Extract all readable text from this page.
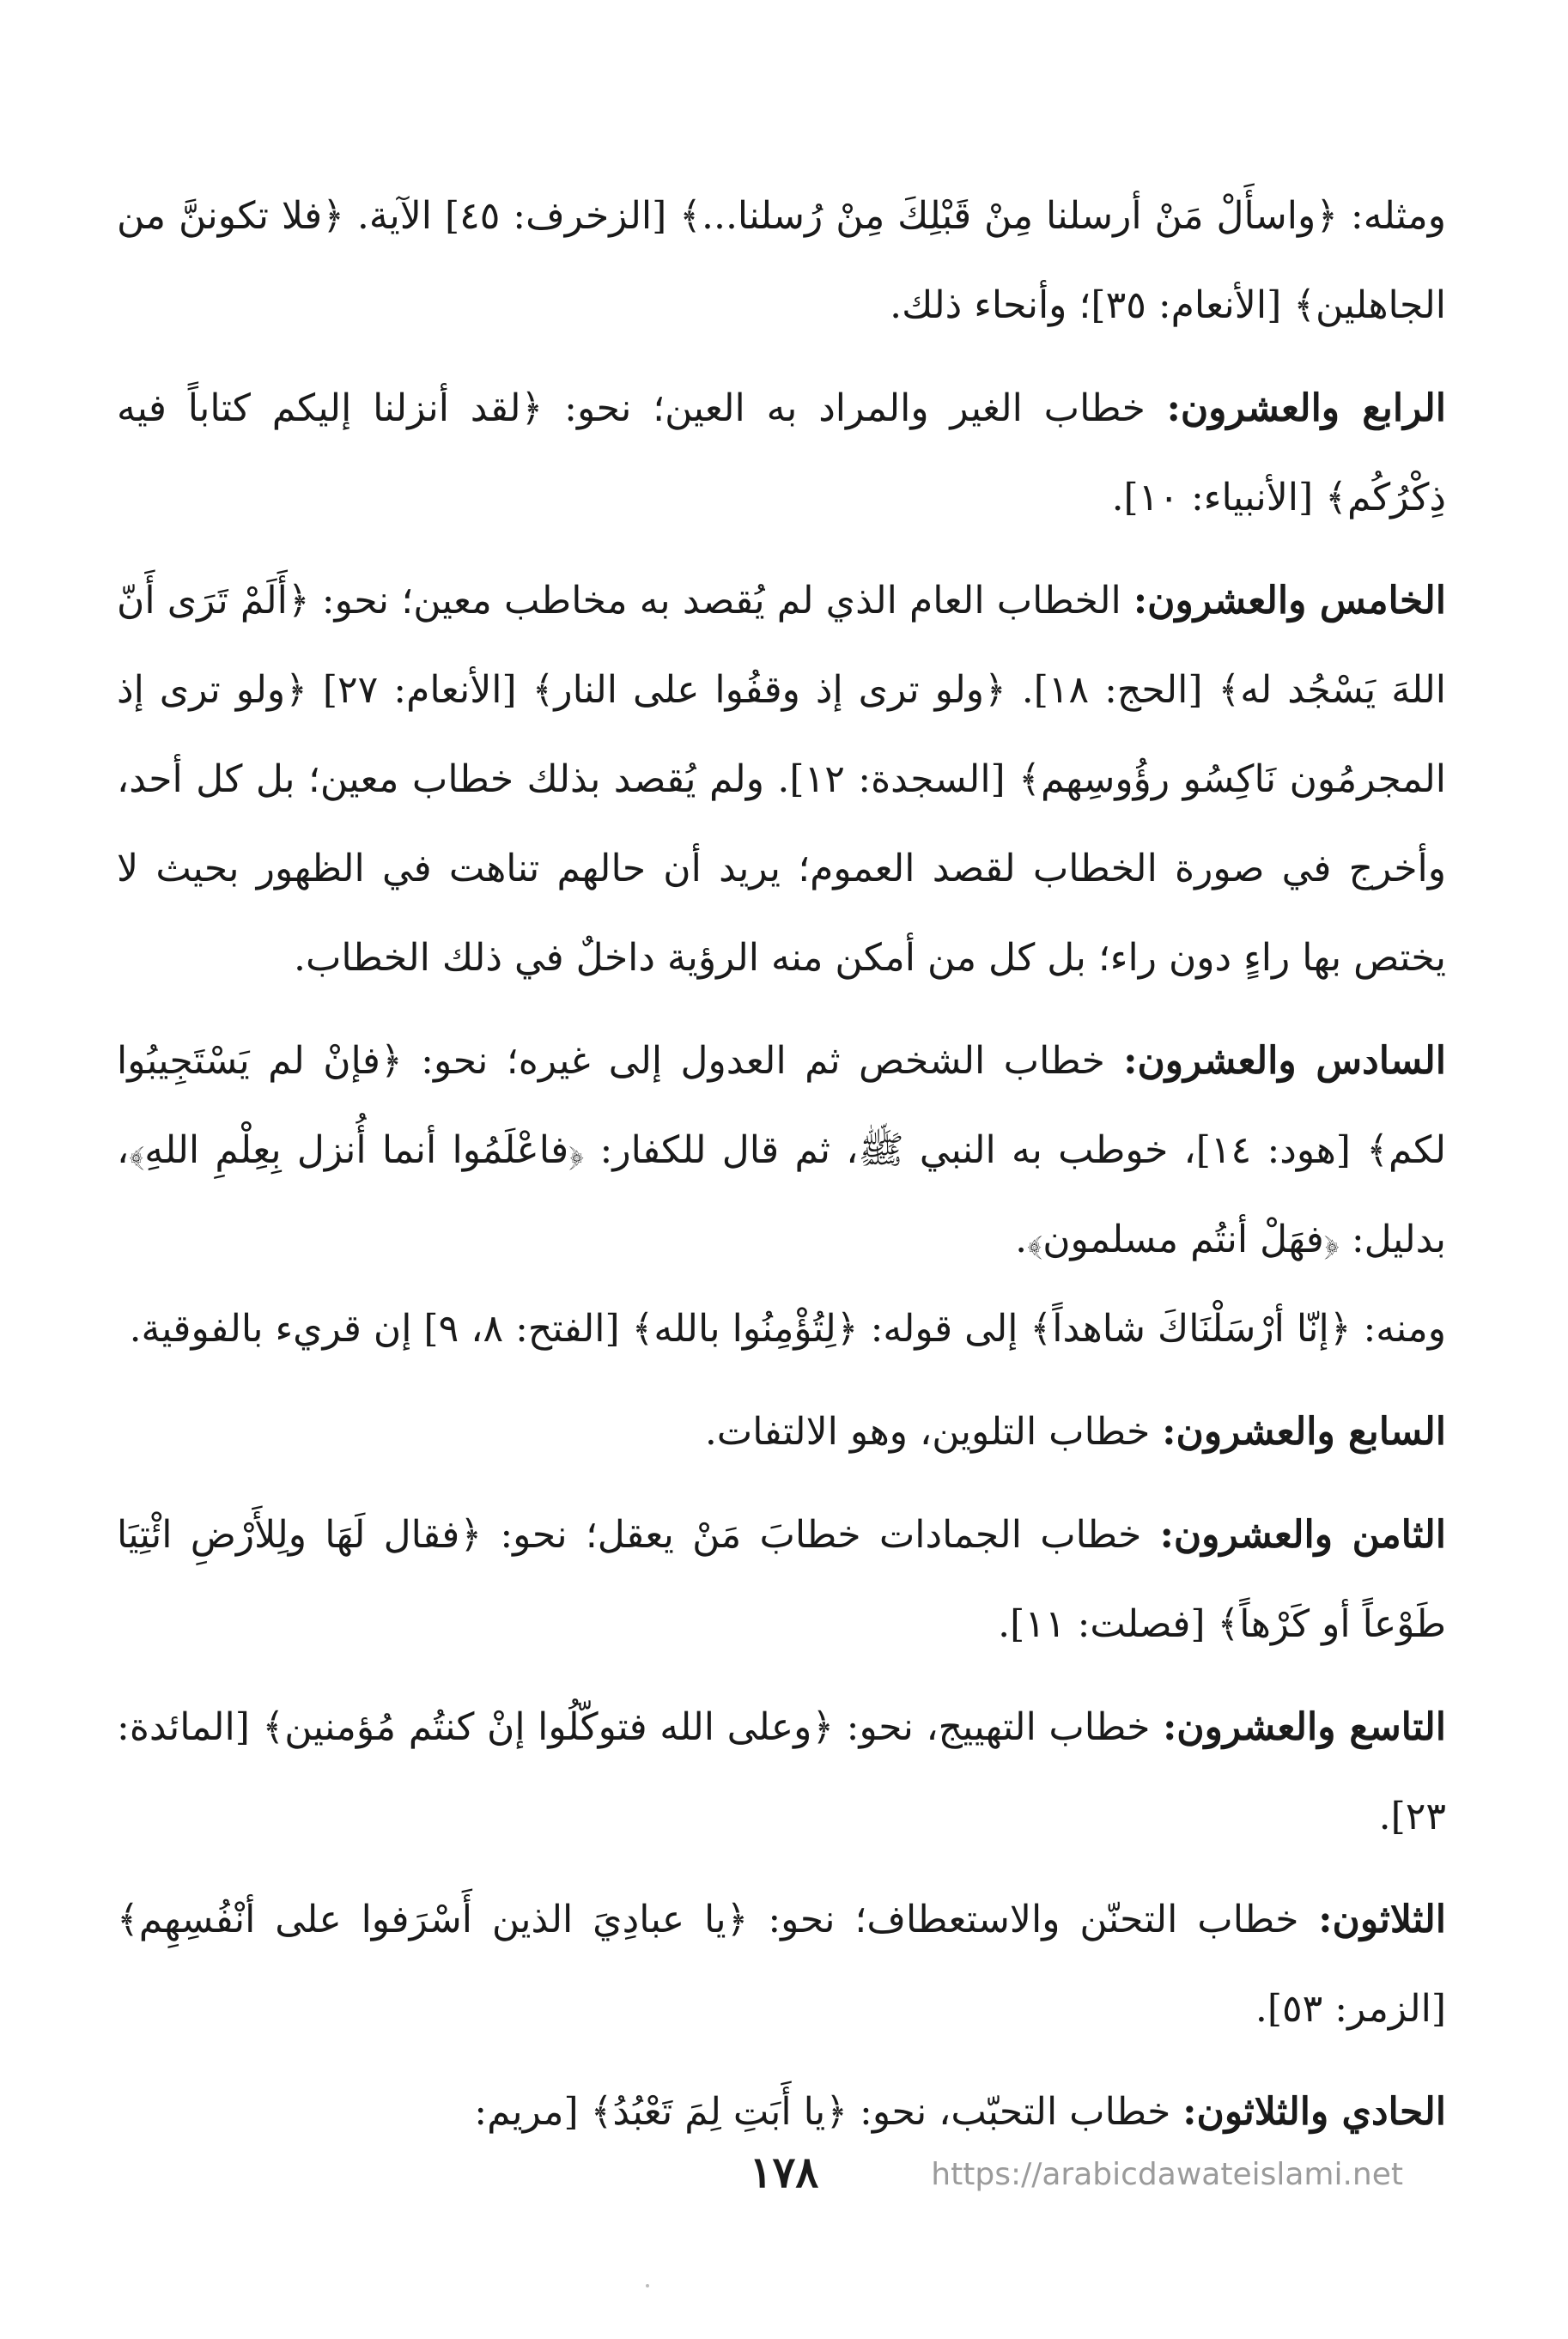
ومثله: ﴿واسأَلْ مَنْ أرسلنا مِنْ قَبْلِكَ مِنْ رُسلنا...﴾ [الزخرف: ٤٥] الآية. ﴿فلا تكوننَّ من الجاهلين﴾ [الأنعام: ٣٥]؛ وأنحاء ذلك.

الرابع والعشرون: خطاب الغير والمراد به العين؛ نحو: ﴿لقد أنزلنا إليكم كتاباً فيه ذِكْرُكُم﴾ [الأنبياء: ١٠].

الخامس والعشرون: الخطاب العام الذي لم يُقصد به مخاطب معين؛ نحو: ﴿أَلَمْ تَرَى أَنّ اللهَ يَسْجُد له﴾ [الحج: ١٨]. ﴿ولو ترى إذ وقفُوا على النار﴾ [الأنعام: ٢٧] ﴿ولو ترى إذ المجرمُون نَاكِسُو رؤُوسِهم﴾ [السجدة: ١٢]. ولم يُقصد بذلك خطاب معين؛ بل كل أحد، وأخرج في صورة الخطاب لقصد العموم؛ يريد أن حالهم تناهت في الظهور بحيث لا يختص بها راءٍ دون راء؛ بل كل من أمكن منه الرؤية داخلٌ في ذلك الخطاب.

السادس والعشرون: خطاب الشخص ثم العدول إلى غيره؛ نحو: ﴿فإنْ لم يَسْتَجِيبُوا لكم﴾ [هود: ١٤]، خوطب به النبي ﷺ، ثم قال للكفار: ﴿فاعْلَمُوا أنما أُنزل بِعِلْمِ اللهِ﴾، بدليل: ﴿فهَلْ أنتُم مسلمون﴾.

ومنه: ﴿إنّا أرْسَلْنَاكَ شاهداً﴾ إلى قوله: ﴿لِتُؤْمِنُوا بالله﴾ [الفتح: ٨، ٩] إن قريء بالفوقية.

السابع والعشرون: خطاب التلوين، وهو الالتفات.

الثامن والعشرون: خطاب الجمادات خطابَ مَنْ يعقل؛ نحو: ﴿فقال لَهَا ولِلأَرْضِ ائْتِيَا طَوْعاً أو كَرْهاً﴾ [فصلت: ١١].

التاسع والعشرون: خطاب التهييج، نحو: ﴿وعلى الله فتوكّلُوا إنْ كنتُم مُؤمنين﴾ [المائدة: ٢٣].

الثلاثون: خطاب التحنّن والاستعطاف؛ نحو: ﴿يا عبادِيَ الذين أَسْرَفوا على أنْفُسِهِم﴾ [الزمر: ٥٣].

الحادي والثلاثون: خطاب التحبّب، نحو: ﴿يا أَبَتِ لِمَ تَعْبُدُ﴾ [مريم:

١٧٨	https://arabicdawateislami.net
